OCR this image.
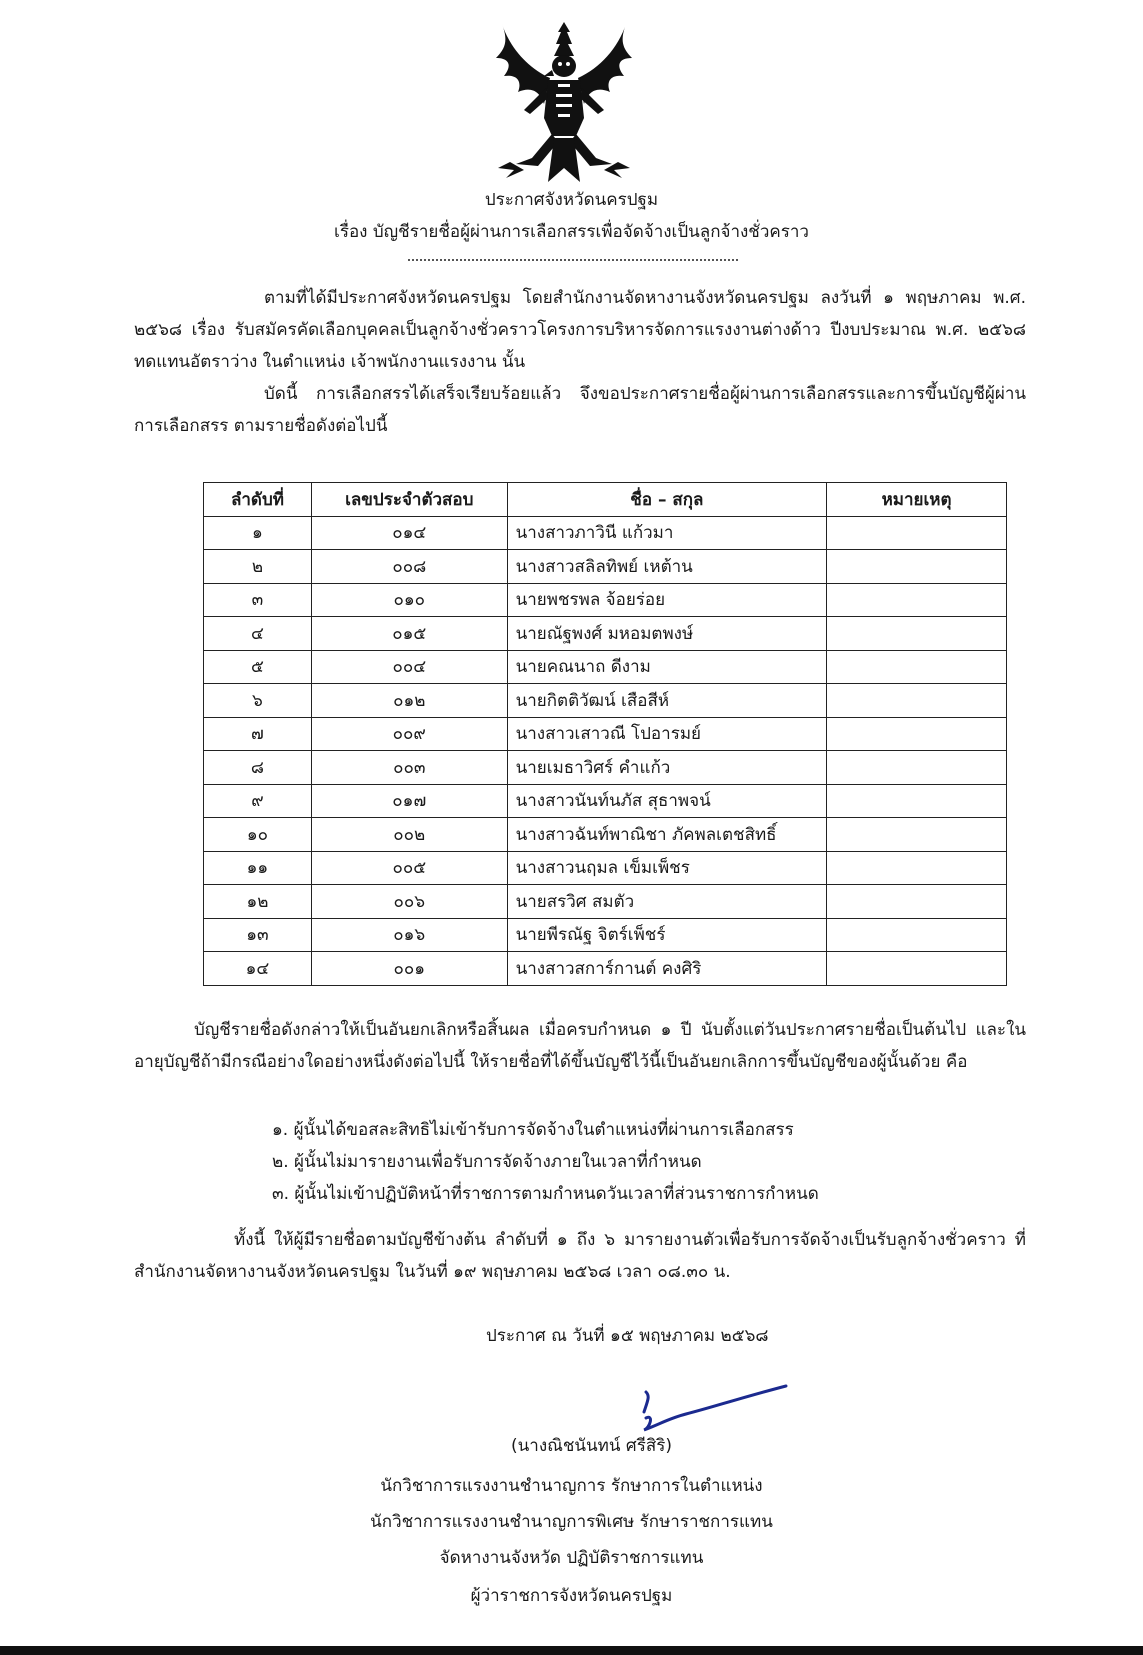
ประกาศจังหวัดนครปฐม
เรื่อง บัญชีรายชื่อผู้ผ่านการเลือกสรรเพื่อจัดจ้างเป็นลูกจ้างชั่วคราว
ตามที่ได้มีประกาศจังหวัดนครปฐม โดยสำนักงานจัดหางานจังหวัดนครปฐม ลงวันที่ ๑ พฤษภาคม พ.ศ. ๒๕๖๘ เรื่อง รับสมัครคัดเลือกบุคคลเป็นลูกจ้างชั่วคราวโครงการบริหารจัดการแรงงานต่างด้าว ปีงบประมาณ พ.ศ. ๒๕๖๘ ทดแทนอัตราว่าง ในตำแหน่ง เจ้าพนักงานแรงงาน นั้น
บัดนี้ การเลือกสรรได้เสร็จเรียบร้อยแล้ว จึงขอประกาศรายชื่อผู้ผ่านการเลือกสรรและการขึ้นบัญชีผู้ผ่านการเลือกสรร ตามรายชื่อดังต่อไปนี้
ลำดับที่	เลขประจำตัวสอบ	ชื่อ – สกุล	หมายเหตุ
๑	๐๑๔	นางสาวภาวินี แก้วมา	
๒	๐๐๘	นางสาวสลิลทิพย์ เหต้าน	
๓	๐๑๐	นายพชรพล จ้อยร่อย	
๔	๐๑๕	นายณัฐพงศ์ มหอมตพงษ์	
๕	๐๐๔	นายคณนาถ ดีงาม	
๖	๐๑๒	นายกิตติวัฒน์ เสือสีห์	
๗	๐๐๙	นางสาวเสาวณี โปอารมย์	
๘	๐๐๓	นายเมธาวิศร์ คำแก้ว	
๙	๐๑๗	นางสาวนันท์นภัส สุธาพจน์	
๑๐	๐๐๒	นางสาวฉันท์พาณิชา ภัคพลเตชสิทธิ์	
๑๑	๐๐๕	นางสาวนฤมล เข็มเพ็ชร	
๑๒	๐๐๖	นายสรวิศ สมตัว	
๑๓	๐๑๖	นายพีรณัฐ จิตร์เพ็ชร์	
๑๔	๐๐๑	นางสาวสการ์กานต์ คงศิริ	
บัญชีรายชื่อดังกล่าวให้เป็นอันยกเลิกหรือสิ้นผล เมื่อครบกำหนด ๑ ปี นับตั้งแต่วันประกาศรายชื่อเป็นต้นไป และในอายุบัญชีถ้ามีกรณีอย่างใดอย่างหนึ่งดังต่อไปนี้ ให้รายชื่อที่ได้ขึ้นบัญชีไว้นี้เป็นอันยกเลิกการขึ้นบัญชีของผู้นั้นด้วย คือ
๑. ผู้นั้นได้ขอสละสิทธิไม่เข้ารับการจัดจ้างในตำแหน่งที่ผ่านการเลือกสรร
๒. ผู้นั้นไม่มารายงานเพื่อรับการจัดจ้างภายในเวลาที่กำหนด
๓. ผู้นั้นไม่เข้าปฏิบัติหน้าที่ราชการตามกำหนดวันเวลาที่ส่วนราชการกำหนด
ทั้งนี้ ให้ผู้มีรายชื่อตามบัญชีข้างต้น ลำดับที่ ๑ ถึง ๖ มารายงานตัวเพื่อรับการจัดจ้างเป็นรับลูกจ้างชั่วคราว ที่ สำนักงานจัดหางานจังหวัดนครปฐม ในวันที่ ๑๙ พฤษภาคม ๒๕๖๘ เวลา ๐๘.๓๐ น.
ประกาศ ณ วันที่ ๑๕ พฤษภาคม ๒๕๖๘
(นางณิชนันทน์ ศรีสิริ)
นักวิชาการแรงงานชำนาญการ รักษาการในตำแหน่ง
นักวิชาการแรงงานชำนาญการพิเศษ รักษาราชการแทน
จัดหางานจังหวัด ปฏิบัติราชการแทน
ผู้ว่าราชการจังหวัดนครปฐม
